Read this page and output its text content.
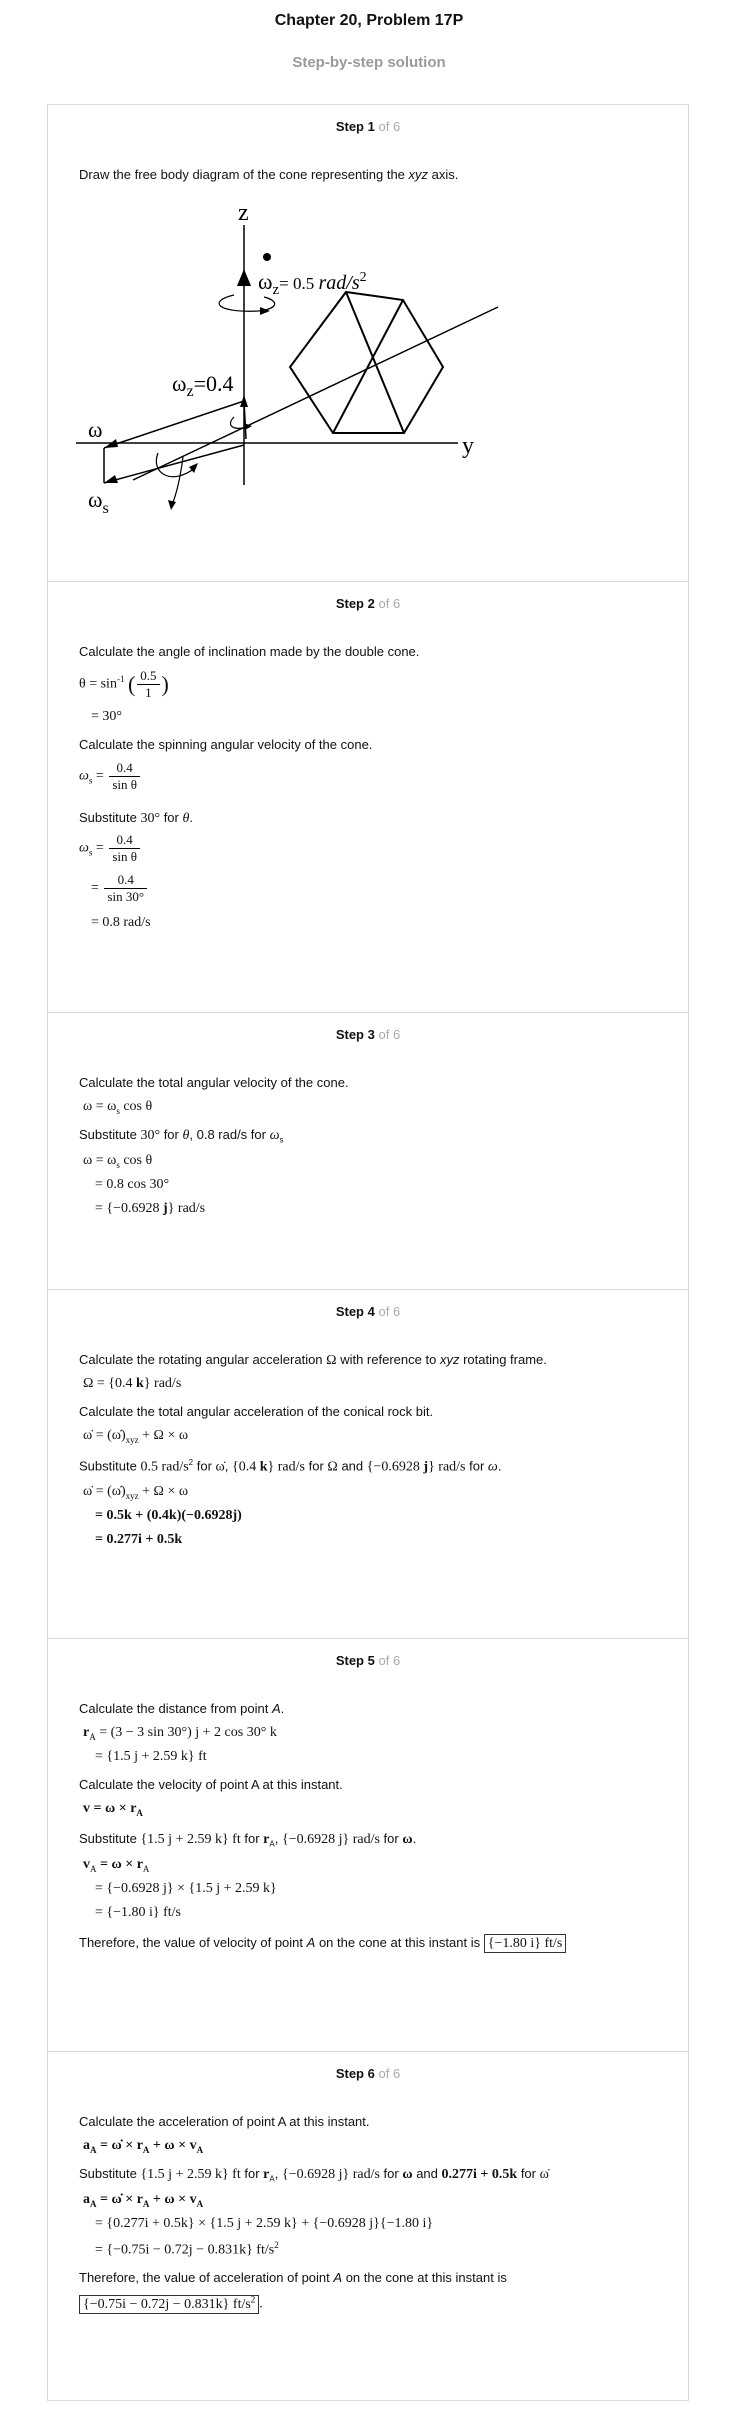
Chapter 20, Problem 17P
Step-by-step solution
Step 1 of 6
Draw the free body diagram of the cone representing the xyz axis.
z
y
ω
$\omega_s$
$\omega_z=0.4$
$\omega_z^{= 0.5}$ rad/$s^2$
Step 2 of 6
Calculate the angle of inclination made by the double cone.
$\theta = \sin^{-1}$ ( $\frac{0.5}{1}$ )
= 30°
Calculate the spinning angular velocity of the cone.
$\omega_s = \frac{0.4}{\text{sin θ}}$
Substitute 30° for θ.
$\omega_s = \frac{0.4}{\text{sin θ}}$
= $\frac{0.4}{\sin 30^\circ}$
= 0.8 rad/s
Step 3 of 6
Calculate the total angular velocity of the cone.
$\omega = \omega_s$ cos θ
Substitute 30° for θ, 0.8 rad/s for $\omega_s$
$\omega = \omega_s$ cos θ
= 0.8 cos 30°
= {−0.6928 j} rad/s
Step 4 of 6
Calculate the rotating angular acceleration Ω with reference to xyz rotating frame.
Ω = {0.4 k} rad/s
Calculate the total angular acceleration of the conical rock bit.
ω̇ = $(\omegȧ)_{xyz} + \Omega \times \omega$
Substitute 0.5 rad/$s^2$ for ω̇, {0.4 k} rad/s for Ω and {−0.6928 j} rad/s for ω.
ω̇ = $(\omegȧ)_{xyz} + \Omega \times \omega$
= 0.5k + (0.4k)(−0.6928j)
= 0.277i + 0.5k
Step 5 of 6
Calculate the distance from point A.
$r_A = (3 - 3$ sin 30°) j + 2 cos 30° k
= {1.5 j + 2.59 k} ft
Calculate the velocity of point A at this instant.
$v = \omega \times r_A$
Substitute {1.5 j + 2.59 k} ft for $r_A$, {−0.6928 j} rad/s for ω.
$v_A = \omega \times r_A$
= {−0.6928 j} × {1.5 j + 2.59 k}
= {−1.80 i} ft/s
Therefore, the value of velocity of point A on the cone at this instant is {−1.80 i} ft/s
Step 6 of 6
Calculate the acceleration of point A at this instant.
$a_A$ = ω̇ × $r_A + \omega \times v_A$
Substitute {1.5 j + 2.59 k} ft for $r_A$, {−0.6928 j} rad/s for ω and 0.277i + 0.5k for ω̇
$a_A$ = ω̇ × $r_A + \omega \times v_A$
= {0.277i + 0.5k} × {1.5 j + 2.59 k} + {−0.6928 j}{−1.80 i}
= {−0.75i − 0.72j − 0.831k} $ft/s^2$
Therefore, the value of acceleration of point A on the cone at this instant is
{−0.75i − 0.72j − 0.831k} $ft/s^2$ .
